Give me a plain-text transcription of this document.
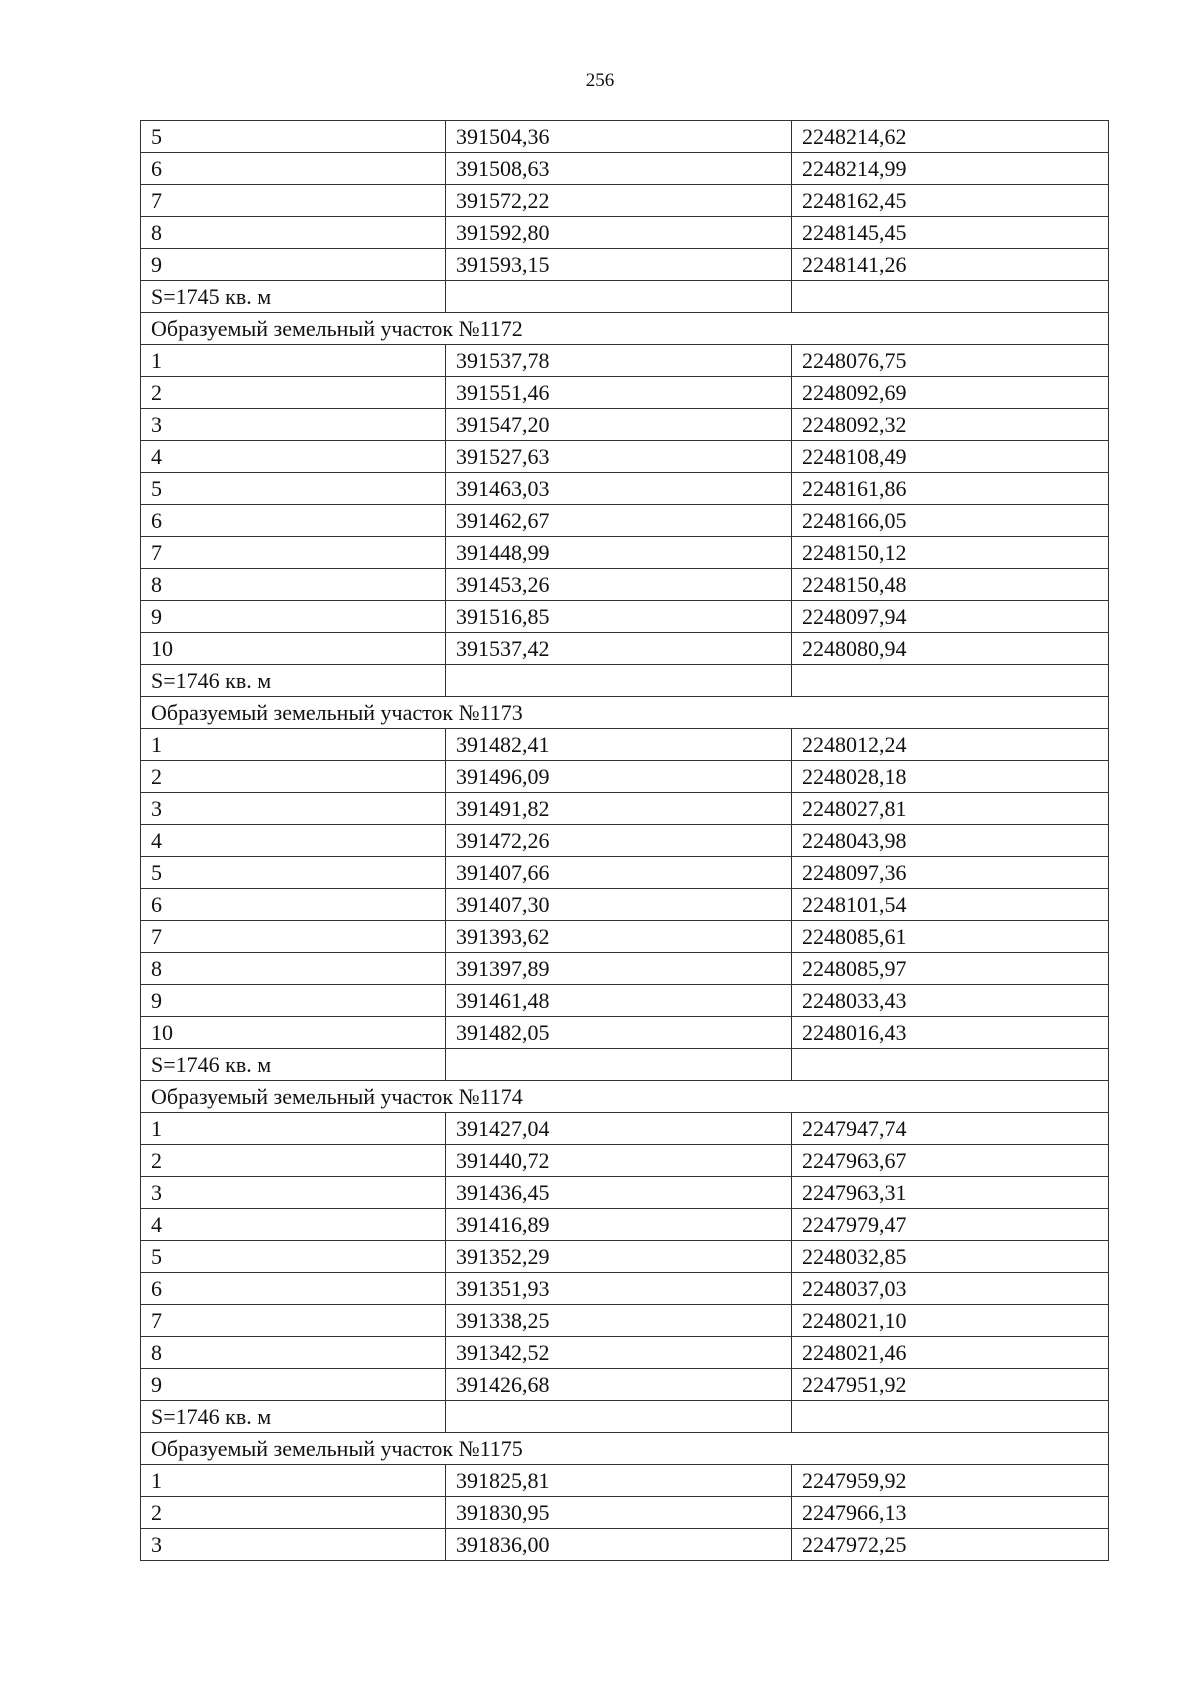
256
5	391504,36	2248214,62
6	391508,63	2248214,99
7	391572,22	2248162,45
8	391592,80	2248145,45
9	391593,15	2248141,26
S=1745 кв. м		
Образуемый земельный участок №1172		
1	391537,78	2248076,75
2	391551,46	2248092,69
3	391547,20	2248092,32
4	391527,63	2248108,49
5	391463,03	2248161,86
6	391462,67	2248166,05
7	391448,99	2248150,12
8	391453,26	2248150,48
9	391516,85	2248097,94
10	391537,42	2248080,94
S=1746 кв. м		
Образуемый земельный участок №1173		
1	391482,41	2248012,24
2	391496,09	2248028,18
3	391491,82	2248027,81
4	391472,26	2248043,98
5	391407,66	2248097,36
6	391407,30	2248101,54
7	391393,62	2248085,61
8	391397,89	2248085,97
9	391461,48	2248033,43
10	391482,05	2248016,43
S=1746 кв. м		
Образуемый земельный участок №1174		
1	391427,04	2247947,74
2	391440,72	2247963,67
3	391436,45	2247963,31
4	391416,89	2247979,47
5	391352,29	2248032,85
6	391351,93	2248037,03
7	391338,25	2248021,10
8	391342,52	2248021,46
9	391426,68	2247951,92
S=1746 кв. м		
Образуемый земельный участок №1175		
1	391825,81	2247959,92
2	391830,95	2247966,13
3	391836,00	2247972,25
